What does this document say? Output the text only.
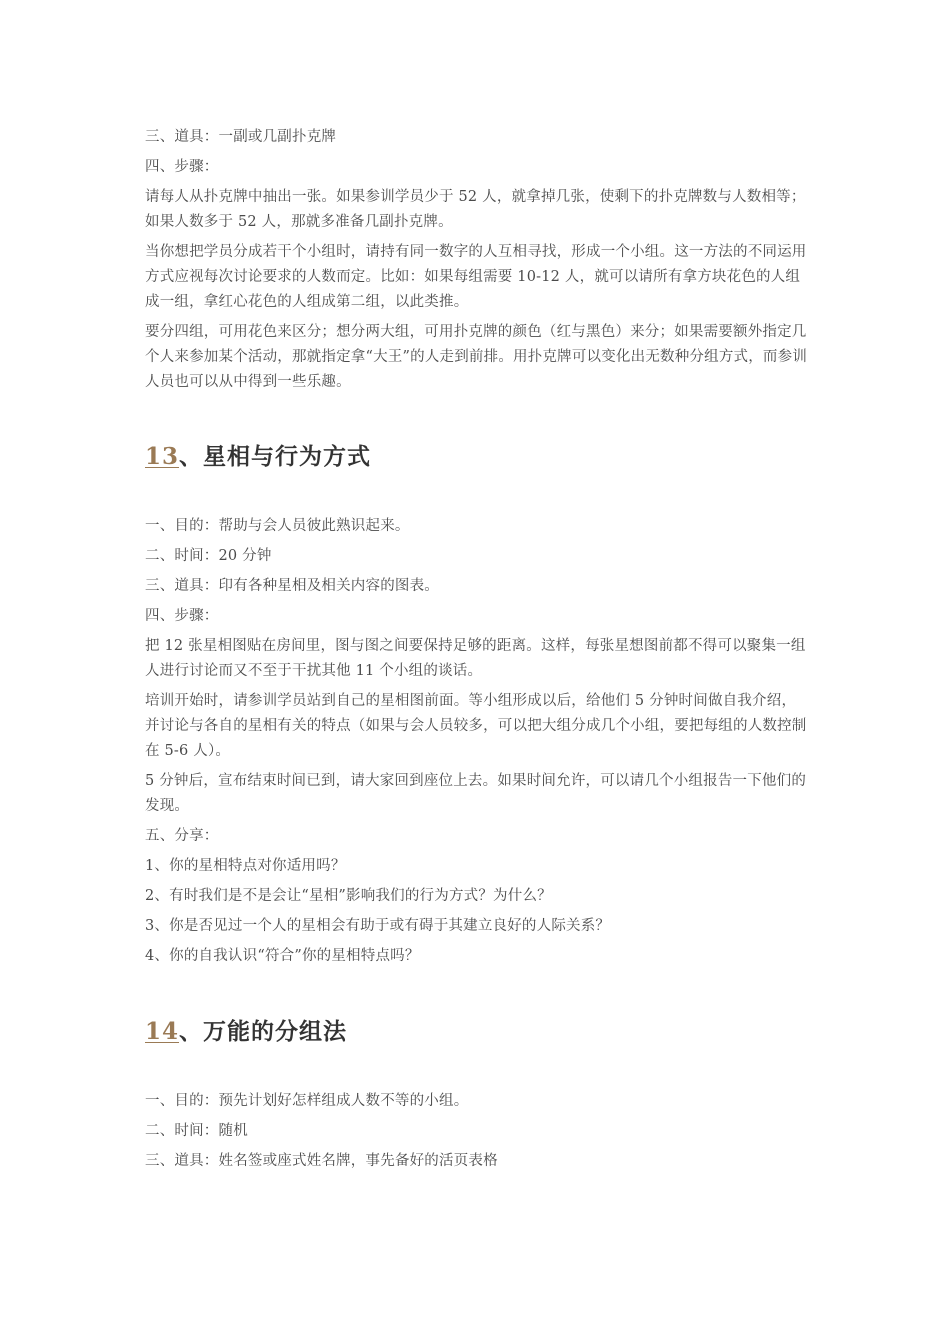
三、道具：一副或几副扑克牌

四、步骤：

请每人从扑克牌中抽出一张。如果参训学员少于 52 人，就拿掉几张，使剩下的扑克牌数与人数相等；如果人数多于 52 人，那就多准备几副扑克牌。

当你想把学员分成若干个小组时，请持有同一数字的人互相寻找，形成一个小组。这一方法的不同运用方式应视每次讨论要求的人数而定。比如：如果每组需要 10-12 人，就可以请所有拿方块花色的人组成一组，拿红心花色的人组成第二组，以此类推。

要分四组，可用花色来区分；想分两大组，可用扑克牌的颜色（红与黑色）来分；如果需要额外指定几个人来参加某个活动，那就指定拿“大王”的人走到前排。用扑克牌可以变化出无数种分组方式，而参训人员也可以从中得到一些乐趣。

13、星相与行为方式

一、目的：帮助与会人员彼此熟识起来。

二、时间：20 分钟

三、道具：印有各种星相及相关内容的图表。

四、步骤：

把 12 张星相图贴在房间里，图与图之间要保持足够的距离。这样，每张星想图前都不得可以聚集一组人进行讨论而又不至于干扰其他 11 个小组的谈话。

培训开始时，请参训学员站到自己的星相图前面。等小组形成以后，给他们 5 分钟时间做自我介绍，并讨论与各自的星相有关的特点（如果与会人员较多，可以把大组分成几个小组，要把每组的人数控制在 5-6 人）。

5 分钟后，宣布结束时间已到，请大家回到座位上去。如果时间允许，可以请几个小组报告一下他们的发现。

五、分享：

1、你的星相特点对你适用吗？

2、有时我们是不是会让“星相”影响我们的行为方式？为什么？

3、你是否见过一个人的星相会有助于或有碍于其建立良好的人际关系？

4、你的自我认识“符合”你的星相特点吗？

14、万能的分组法

一、目的：预先计划好怎样组成人数不等的小组。

二、时间：随机

三、道具：姓名签或座式姓名牌，事先备好的活页表格
